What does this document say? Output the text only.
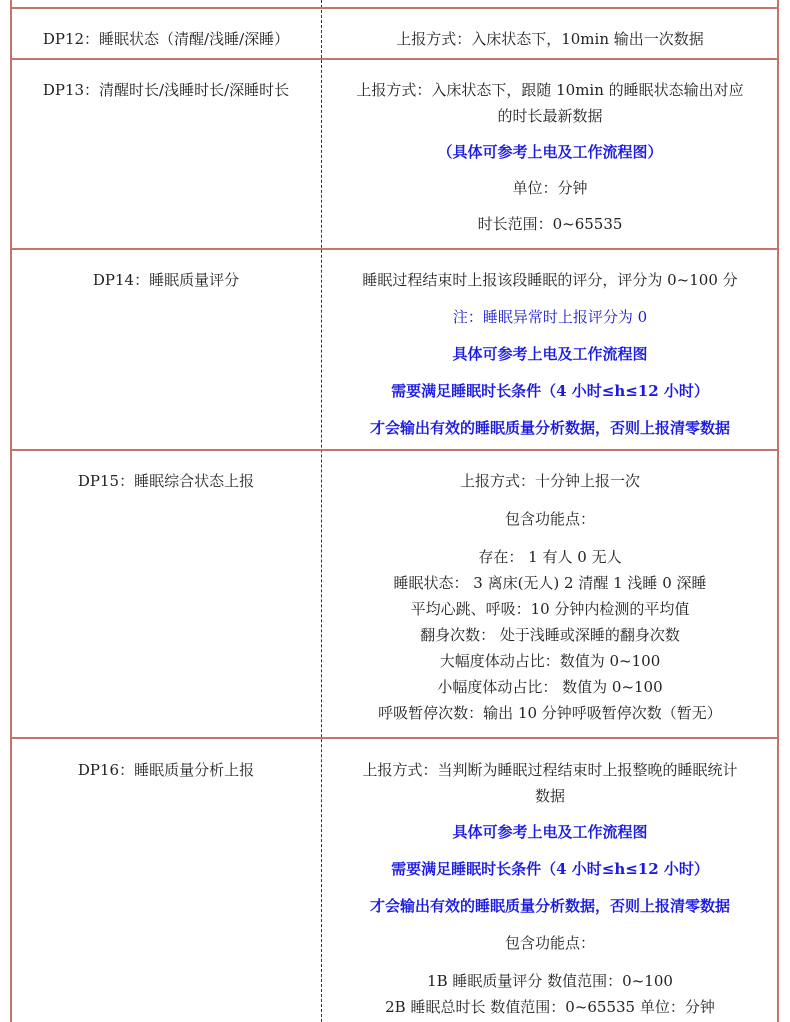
DP12：睡眠状态（清醒/浅睡/深睡）	上报方式：入床状态下，10min 输出一次数据
DP13：清醒时长/浅睡时长/深睡时长	上报方式：入床状态下，跟随 10min 的睡眠状态输出对应
的时长最新数据
（具体可参考上电及工作流程图）
单位：分钟
时长范围：0~65535
DP14：睡眠质量评分	睡眠过程结束时上报该段睡眠的评分，评分为 0~100 分
注：睡眠异常时上报评分为 0
具体可参考上电及工作流程图
需要满足睡眠时长条件（4 小时≤h≤12 小时）
才会输出有效的睡眠质量分析数据，否则上报清零数据
DP15：睡眠综合状态上报	上报方式：十分钟上报一次
包含功能点：
存在： 1 有人 0 无人
睡眠状态： 3 离床(无人) 2 清醒 1 浅睡 0 深睡
平均心跳、呼吸：10 分钟内检测的平均值
翻身次数： 处于浅睡或深睡的翻身次数
大幅度体动占比：数值为 0~100
小幅度体动占比： 数值为 0~100
呼吸暂停次数：输出 10 分钟呼吸暂停次数（暂无）
DP16：睡眠质量分析上报	上报方式：当判断为睡眠过程结束时上报整晚的睡眠统计
数据
具体可参考上电及工作流程图
需要满足睡眠时长条件（4 小时≤h≤12 小时）
才会输出有效的睡眠质量分析数据，否则上报清零数据
包含功能点：
1B 睡眠质量评分 数值范围：0~100
2B 睡眠总时长 数值范围：0~65535 单位：分钟
